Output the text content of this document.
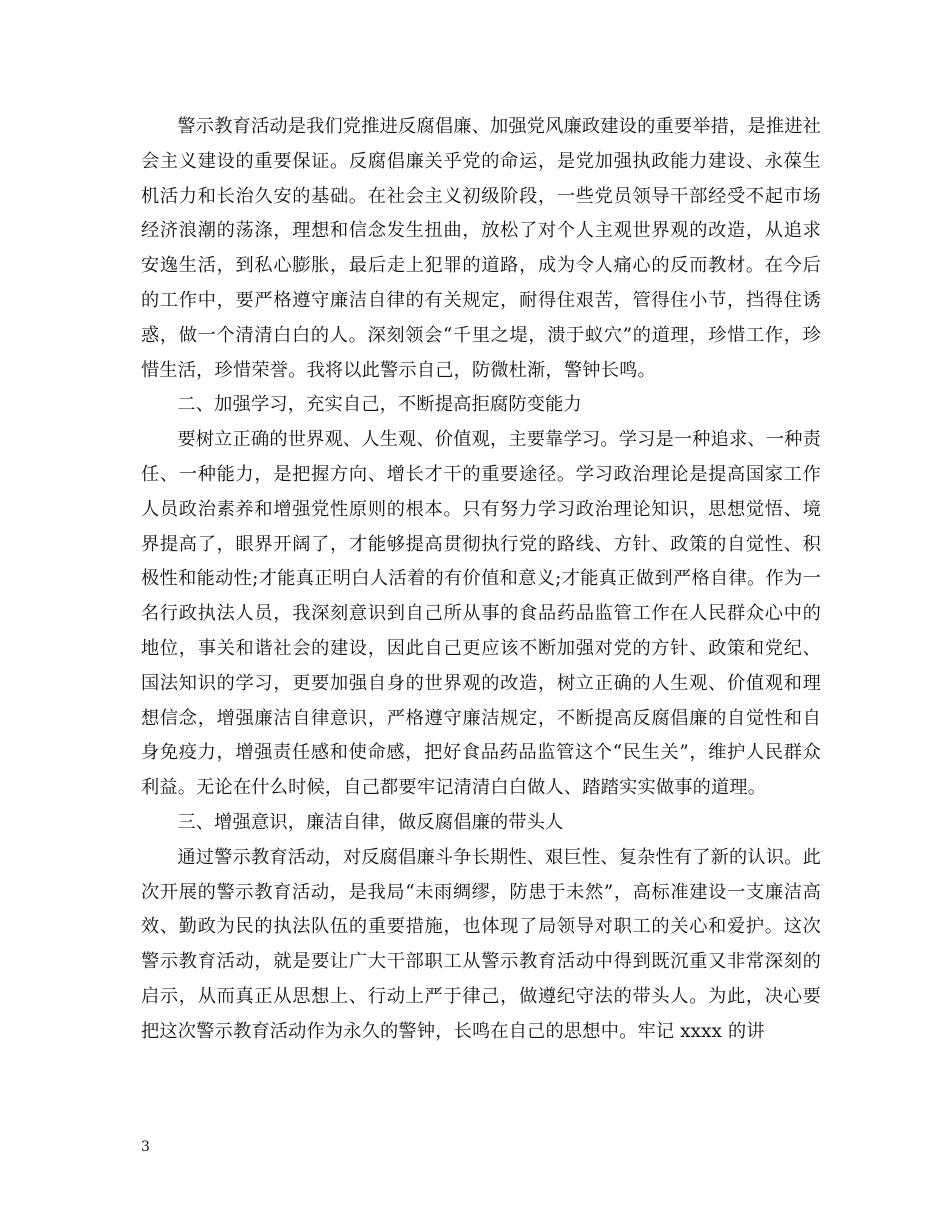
警示教育活动是我们党推进反腐倡廉、加强党风廉政建设的重要举措，是推进社会主义建设的重要保证。反腐倡廉关乎党的命运，是党加强执政能力建设、永葆生机活力和长治久安的基础。在社会主义初级阶段，一些党员领导干部经受不起市场经济浪潮的荡涤，理想和信念发生扭曲，放松了对个人主观世界观的改造，从追求安逸生活，到私心膨胀，最后走上犯罪的道路，成为令人痛心的反而教材。在今后的工作中，要严格遵守廉洁自律的有关规定，耐得住艰苦，管得住小节，挡得住诱惑，做一个清清白白的人。深刻领会“千里之堤，溃于蚁穴”的道理，珍惜工作，珍惜生活，珍惜荣誉。我将以此警示自己，防微杜渐，警钟长鸣。

二、加强学习，充实自己，不断提高拒腐防变能力

要树立正确的世界观、人生观、价值观，主要靠学习。学习是一种追求、一种责任、一种能力，是把握方向、增长才干的重要途径。学习政治理论是提高国家工作人员政治素养和增强党性原则的根本。只有努力学习政治理论知识，思想觉悟、境界提高了，眼界开阔了，才能够提高贯彻执行党的路线、方针、政策的自觉性、积极性和能动性;才能真正明白人活着的有价值和意义;才能真正做到严格自律。作为一名行政执法人员，我深刻意识到自己所从事的食品药品监管工作在人民群众心中的地位，事关和谐社会的建设，因此自己更应该不断加强对党的方针、政策和党纪、国法知识的学习，更要加强自身的世界观的改造，树立正确的人生观、价值观和理想信念，增强廉洁自律意识，严格遵守廉洁规定，不断提高反腐倡廉的自觉性和自身免疫力，增强责任感和使命感，把好食品药品监管这个“民生关”，维护人民群众利益。无论在什么时候，自己都要牢记清清白白做人、踏踏实实做事的道理。

三、增强意识，廉洁自律，做反腐倡廉的带头人

通过警示教育活动，对反腐倡廉斗争长期性、艰巨性、复杂性有了新的认识。此次开展的警示教育活动，是我局“未雨绸缪，防患于未然”，高标准建设一支廉洁高效、勤政为民的执法队伍的重要措施，也体现了局领导对职工的关心和爱护。这次警示教育活动，就是要让广大干部职工从警示教育活动中得到既沉重又非常深刻的启示，从而真正从思想上、行动上严于律己，做遵纪守法的带头人。为此，决心要把这次警示教育活动作为永久的警钟，长鸣在自己的思想中。牢记 xxxx 的讲

3
